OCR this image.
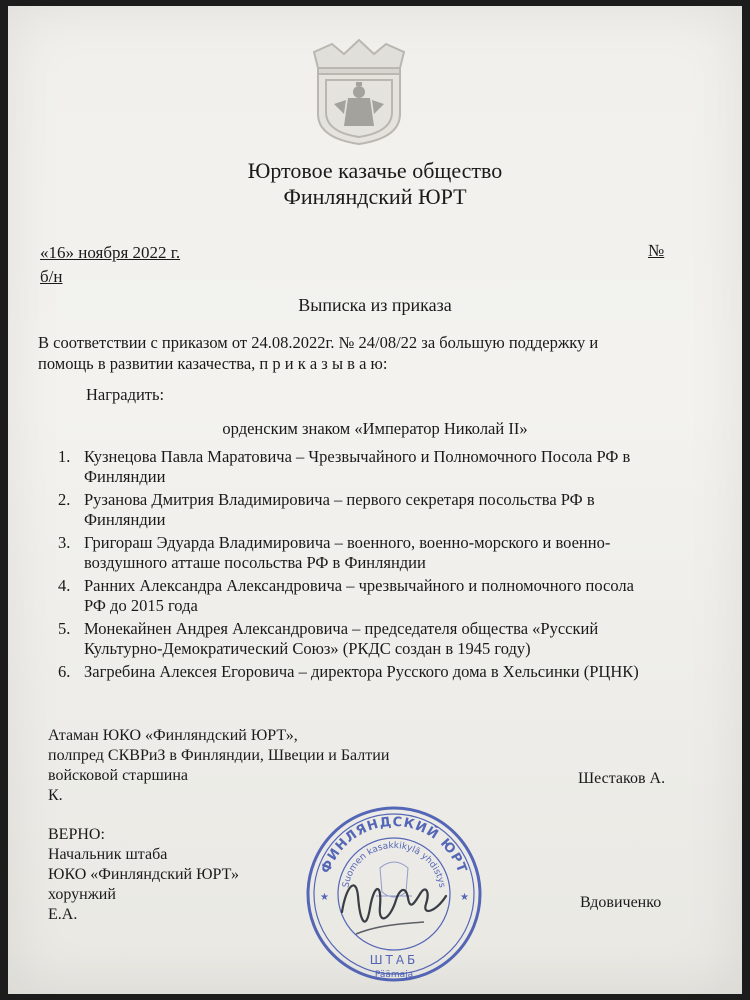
Юртовое казачье общество
Финляндский ЮРТ
«16» ноября 2022 г.	№
б/н
Выписка из приказа
В соответствии с приказом от 24.08.2022г. № 24/08/22 за большую поддержку и
помощь в развитии казачества, п р и к а з ы в а ю:
Наградить:
орденским знаком «Император Николай II»
1. Кузнецова Павла Маратовича – Чрезвычайного и Полномочного Посола РФ в
Финляндии
2. Рузанова Дмитрия Владимировича – первого секретаря посольства РФ в
Финляндии
3. Григораш Эдуарда Владимировича – военного, военно-морского и военно-
воздушного атташе посольства РФ в Финляндии
4. Ранних Александра Александровича – чрезвычайного и полномочного посола
РФ до 2015 года
5. Монекайнен Андрея Александровича – председателя общества «Русский
Культурно-Демократический Союз» (РКДС создан в 1945 году)
6. Загребина Алексея Егоровича – директора Русского дома в Хельсинки (РЦНК)
Атаман ЮКО «Финляндский ЮРТ»,
полпред СКВРиЗ в Финляндии, Швеции и Балтии
войсковой старшина
К.
Шестаков А.
ВЕРНО:
Начальник штаба
ЮКО «Финляндский ЮРТ»
хорунжий
Е.А.
Вдовиченко
ФИНЛЯНДСКИЙ ЮРТ
Suomen kasakkikylä yhdistys
ШТАБ
Päämaja
★	★
